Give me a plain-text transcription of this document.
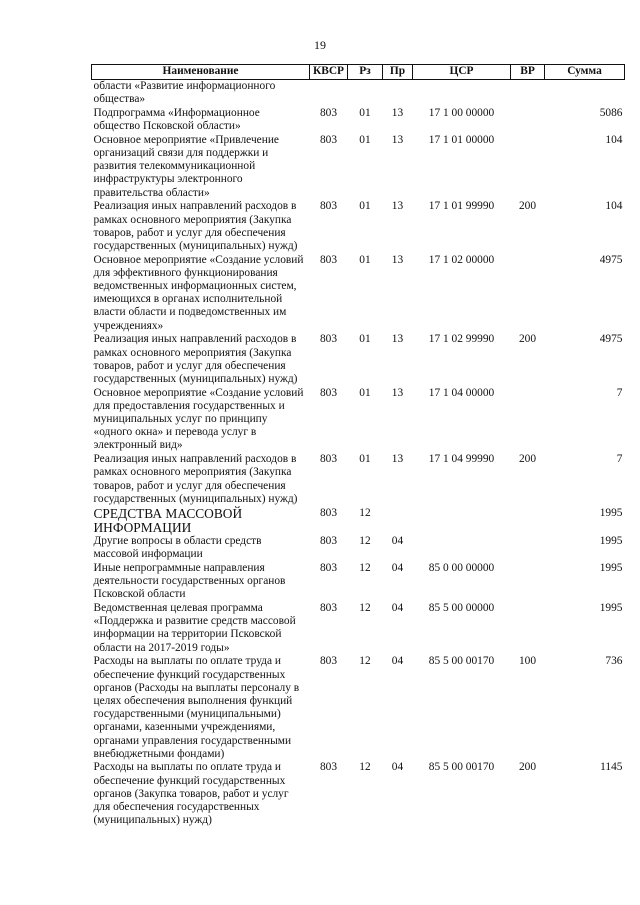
19
Наименование	КВСР	Рз	Пр	ЦСР	ВР	Сумма
области «Развитие информационного общества»						
Подпрограмма «Информационное общество Псковской области»	803	01	13	17 1 00 00000		5086
Основное мероприятие «Привлечение организаций связи для поддержки и развития телекоммуникационной инфраструктуры электронного правительства области»	803	01	13	17 1 01 00000		104
Реализация иных направлений расходов в рамках основного мероприятия (Закупка товаров, работ и услуг для обеспечения государственных (муниципальных) нужд)	803	01	13	17 1 01 99990	200	104
Основное мероприятие «Создание условий для эффективного функционирования ведомственных информационных систем, имеющихся в органах исполнительной власти области и подведомственных им учреждениях»	803	01	13	17 1 02 00000		4975
Реализация иных направлений расходов в рамках основного мероприятия (Закупка товаров, работ и услуг для обеспечения государственных (муниципальных) нужд)	803	01	13	17 1 02 99990	200	4975
Основное мероприятие «Создание условий для предоставления государственных и муниципальных услуг по принципу «одного окна» и перевода услуг в электронный вид»	803	01	13	17 1 04 00000		7
Реализация иных направлений расходов в рамках основного мероприятия (Закупка товаров, работ и услуг для обеспечения государственных (муниципальных) нужд)	803	01	13	17 1 04 99990	200	7
СРЕДСТВА МАССОВОЙ ИНФОРМАЦИИ	803	12				1995
Другие вопросы в области средств массовой информации	803	12	04			1995
Иные непрограммные направления деятельности государственных органов Псковской области	803	12	04	85 0 00 00000		1995
Ведомственная целевая программа «Поддержка и развитие средств массовой информации на территории Псковской области на 2017-2019 годы»	803	12	04	85 5 00 00000		1995
Расходы на выплаты по оплате труда и обеспечение функций государственных органов (Расходы на выплаты персоналу в целях обеспечения выполнения функций государственными (муниципальными) органами, казенными учреждениями, органами управления государственными внебюджетными фондами)	803	12	04	85 5 00 00170	100	736
Расходы на выплаты по оплате труда и обеспечение функций государственных органов (Закупка товаров, работ и услуг для обеспечения государственных (муниципальных) нужд)	803	12	04	85 5 00 00170	200	1145
